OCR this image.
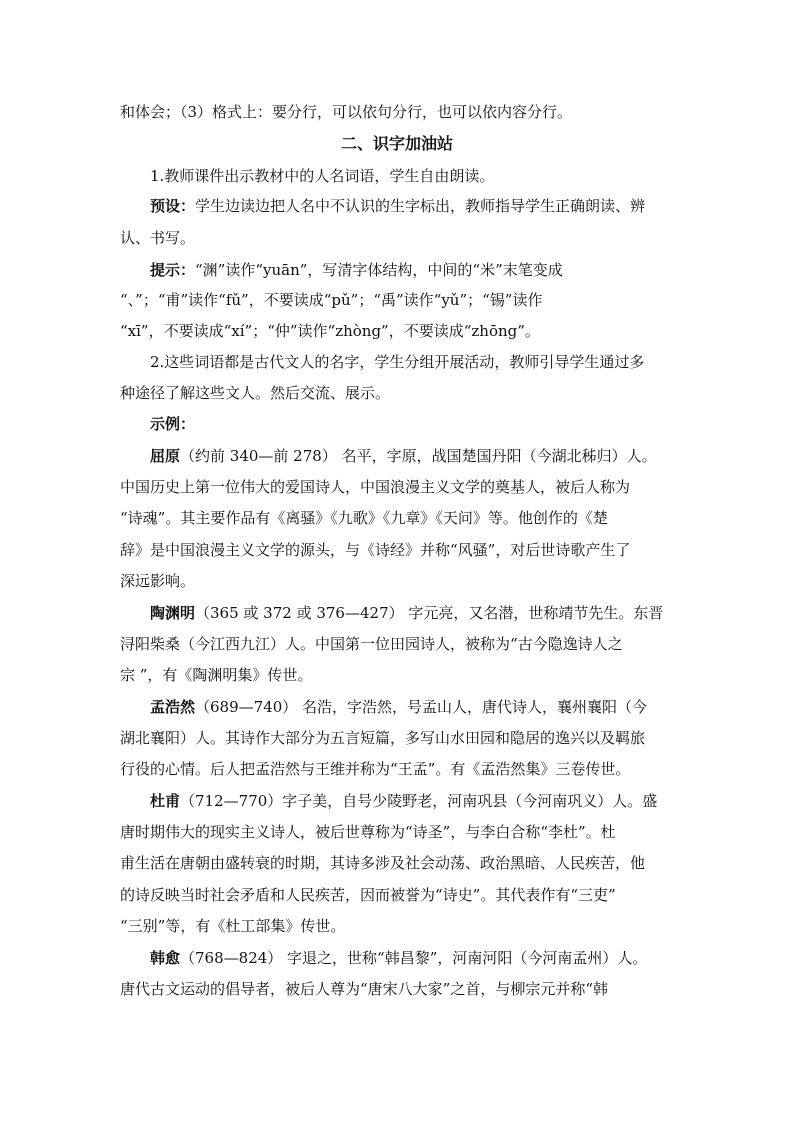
和体会；（3）格式上：要分行，可以依句分行，也可以依内容分行。
二、识字加油站
1.教师课件出示教材中的人名词语，学生自由朗读。
预设：学生边读边把人名中不认识的生字标出，教师指导学生正确朗读、辨
认、书写。
提示：“渊”读作“yuān”，写清字体结构，中间的“米”末笔变成
“、”；“甫”读作“fǔ”，不要读成“pǔ”；“禹”读作“yǔ”；“锡”读作
“xī”，不要读成“xí”；“仲”读作“zhòng”，不要读成“zhōng”。
2.这些词语都是古代文人的名字，学生分组开展活动，教师引导学生通过多
种途径了解这些文人。然后交流、展示。
示例：
屈原（约前 340—前 278） 名平，字原，战国楚国丹阳（今湖北秭归）人。
中国历史上第一位伟大的爱国诗人，中国浪漫主义文学的奠基人，被后人称为
“诗魂”。其主要作品有《离骚》《九歌》《九章》《天问》等。他创作的《楚
辞》是中国浪漫主义文学的源头，与《诗经》并称“风骚”，对后世诗歌产生了
深远影响。
陶渊明（365 或 372 或 376—427） 字元亮，又名潜，世称靖节先生。东晋
浔阳柴桑（今江西九江）人。中国第一位田园诗人，被称为“古今隐逸诗人之
宗 ”，有《陶渊明集》传世。
孟浩然（689—740） 名浩，字浩然，号孟山人，唐代诗人，襄州襄阳（今
湖北襄阳）人。其诗作大部分为五言短篇，多写山水田园和隐居的逸兴以及羁旅
行役的心情。后人把孟浩然与王维并称为“王孟”。有《孟浩然集》三卷传世。
杜甫（712—770）字子美，自号少陵野老，河南巩县（今河南巩义）人。盛
唐时期伟大的现实主义诗人，被后世尊称为“诗圣”，与李白合称“李杜”。杜
甫生活在唐朝由盛转衰的时期，其诗多涉及社会动荡、政治黑暗、人民疾苦，他
的诗反映当时社会矛盾和人民疾苦，因而被誉为“诗史”。其代表作有“三吏”
“三别”等，有《杜工部集》传世。
韩愈（768—824） 字退之，世称“韩昌黎”，河南河阳（今河南孟州）人。
唐代古文运动的倡导者，被后人尊为“唐宋八大家”之首，与柳宗元并称“韩
